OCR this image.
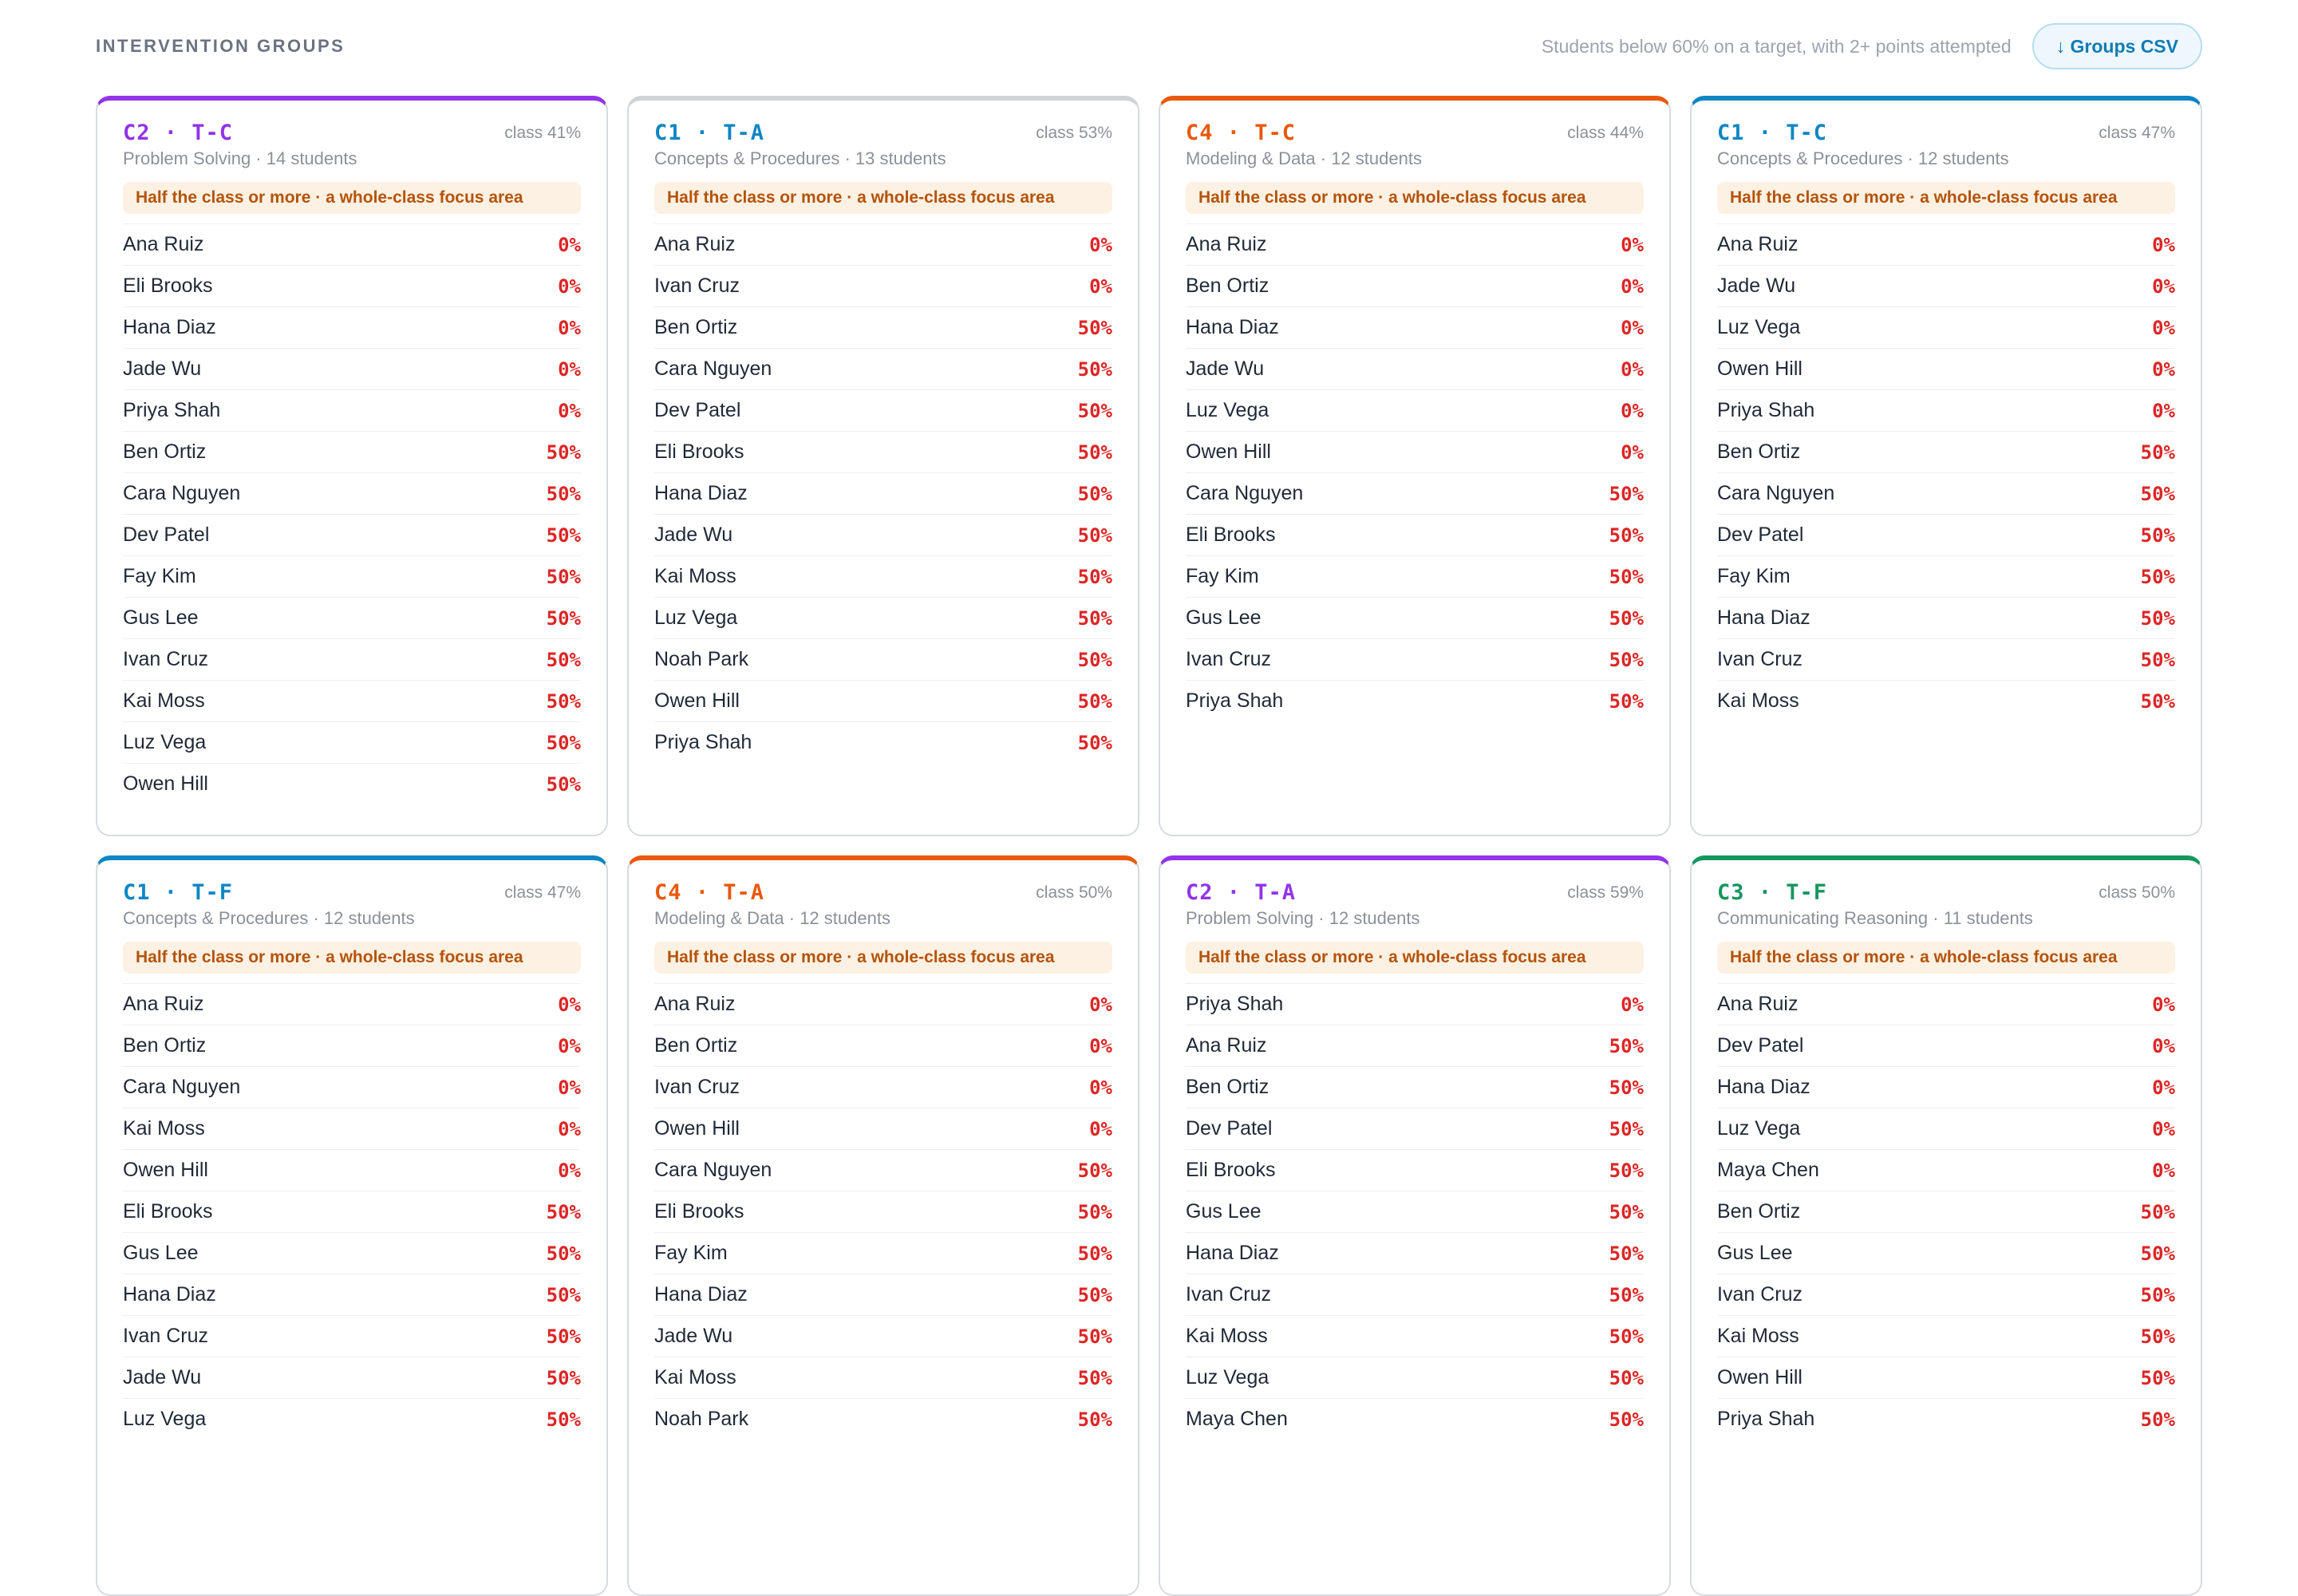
INTERVENTION GROUPS	Students below 60% on a target, with 2+ points attempted	↓ Groups CSV
C2 · T-C	class 41%
Problem Solving · 14 students
Half the class or more · a whole-class focus area
Ana Ruiz	0%
Eli Brooks	0%
Hana Diaz	0%
Jade Wu	0%
Priya Shah	0%
Ben Ortiz	50%
Cara Nguyen	50%
Dev Patel	50%
Fay Kim	50%
Gus Lee	50%
Ivan Cruz	50%
Kai Moss	50%
Luz Vega	50%
Owen Hill	50%
C1 · T-A	class 53%
Concepts & Procedures · 13 students
Half the class or more · a whole-class focus area
Ana Ruiz	0%
Ivan Cruz	0%
Ben Ortiz	50%
Cara Nguyen	50%
Dev Patel	50%
Eli Brooks	50%
Hana Diaz	50%
Jade Wu	50%
Kai Moss	50%
Luz Vega	50%
Noah Park	50%
Owen Hill	50%
Priya Shah	50%
C4 · T-C	class 44%
Modeling & Data · 12 students
Half the class or more · a whole-class focus area
Ana Ruiz	0%
Ben Ortiz	0%
Hana Diaz	0%
Jade Wu	0%
Luz Vega	0%
Owen Hill	0%
Cara Nguyen	50%
Eli Brooks	50%
Fay Kim	50%
Gus Lee	50%
Ivan Cruz	50%
Priya Shah	50%
C1 · T-C	class 47%
Concepts & Procedures · 12 students
Half the class or more · a whole-class focus area
Ana Ruiz	0%
Jade Wu	0%
Luz Vega	0%
Owen Hill	0%
Priya Shah	0%
Ben Ortiz	50%
Cara Nguyen	50%
Dev Patel	50%
Fay Kim	50%
Hana Diaz	50%
Ivan Cruz	50%
Kai Moss	50%
C1 · T-F	class 47%
Concepts & Procedures · 12 students
Half the class or more · a whole-class focus area
Ana Ruiz	0%
Ben Ortiz	0%
Cara Nguyen	0%
Kai Moss	0%
Owen Hill	0%
Eli Brooks	50%
Gus Lee	50%
Hana Diaz	50%
Ivan Cruz	50%
Jade Wu	50%
Luz Vega	50%
C4 · T-A	class 50%
Modeling & Data · 12 students
Half the class or more · a whole-class focus area
Ana Ruiz	0%
Ben Ortiz	0%
Ivan Cruz	0%
Owen Hill	0%
Cara Nguyen	50%
Eli Brooks	50%
Fay Kim	50%
Hana Diaz	50%
Jade Wu	50%
Kai Moss	50%
Noah Park	50%
C2 · T-A	class 59%
Problem Solving · 12 students
Half the class or more · a whole-class focus area
Priya Shah	0%
Ana Ruiz	50%
Ben Ortiz	50%
Dev Patel	50%
Eli Brooks	50%
Gus Lee	50%
Hana Diaz	50%
Ivan Cruz	50%
Kai Moss	50%
Luz Vega	50%
Maya Chen	50%
C3 · T-F	class 50%
Communicating Reasoning · 11 students
Half the class or more · a whole-class focus area
Ana Ruiz	0%
Dev Patel	0%
Hana Diaz	0%
Luz Vega	0%
Maya Chen	0%
Ben Ortiz	50%
Gus Lee	50%
Ivan Cruz	50%
Kai Moss	50%
Owen Hill	50%
Priya Shah	50%
